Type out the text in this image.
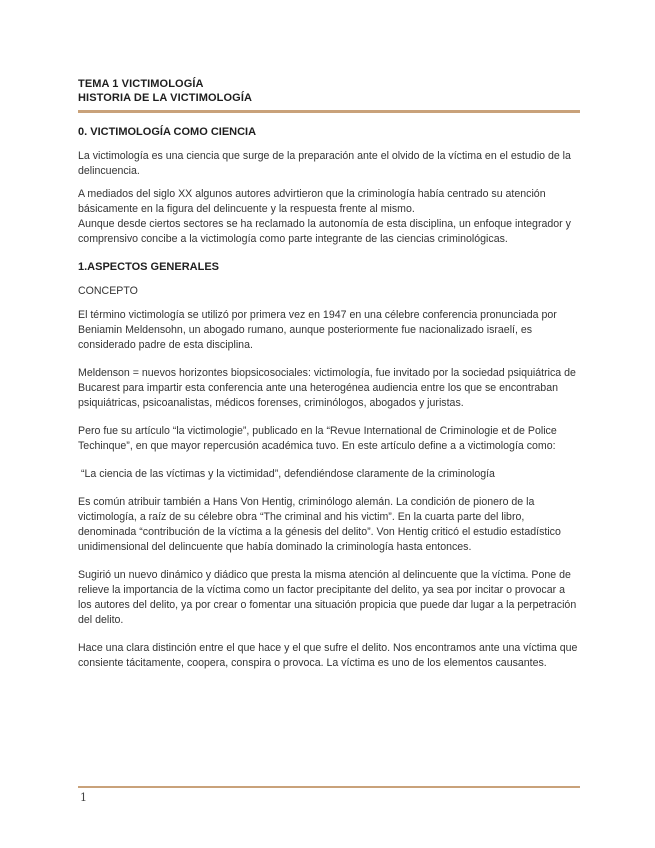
TEMA 1 VICTIMOLOGÍA
HISTORIA DE LA VICTIMOLOGÍA
0. VICTIMOLOGÍA COMO CIENCIA

La victimología es una ciencia que surge de la preparación ante el olvido de la víctima en el estudio de la delincuencia.

A mediados del siglo XX algunos autores advirtieron que la criminología había centrado su atención básicamente en la figura del delincuente y la respuesta frente al mismo.

Aunque desde ciertos sectores se ha reclamado la autonomía de esta disciplina, un enfoque integrador y comprensivo concibe a la victimología como parte integrante de las ciencias criminológicas.

1.ASPECTOS GENERALES

CONCEPTO

El término victimología se utilizó por primera vez en 1947 en una célebre conferencia pronunciada por Beniamin Meldensohn, un abogado rumano, aunque posteriormente fue nacionalizado israelí, es considerado padre de esta disciplina.

Meldenson = nuevos horizontes biopsicosociales: victimología, fue invitado por la sociedad psiquiátrica de Bucarest para impartir esta conferencia ante una heterogénea audiencia entre los que se encontraban psiquiátricas, psicoanalistas, médicos forenses, criminólogos, abogados y juristas.

Pero fue su artículo “la victimologie”, publicado en la “Revue International de Criminologie et de Police Techinque”, en que mayor repercusión académica tuvo. En este artículo define a a victimología como:

“La ciencia de las víctimas y la victimidad”, defendiéndose claramente de la criminología

Es común atribuir también a Hans Von Hentig, criminólogo alemán. La condición de pionero de la victimología, a raíz de su célebre obra “The criminal and his victim”. En la cuarta parte del libro, denominada “contribución de la víctima a la génesis del delito”. Von Hentig criticó el estudio estadístico unidimensional del delincuente que había dominado la criminología hasta entonces.

Sugirió un nuevo dinámico y diádico que presta la misma atención al delincuente que la víctima. Pone de relieve la importancia de la víctima como un factor precipitante del delito, ya sea por incitar o provocar a los autores del delito, ya por crear o fomentar una situación propicia que puede dar lugar a la perpetración del delito.

Hace una clara distinción entre el que hace y el que sufre el delito. Nos encontramos ante una víctima que consiente tácitamente, coopera, conspira o provoca. La víctima es uno de los elementos causantes.

1
